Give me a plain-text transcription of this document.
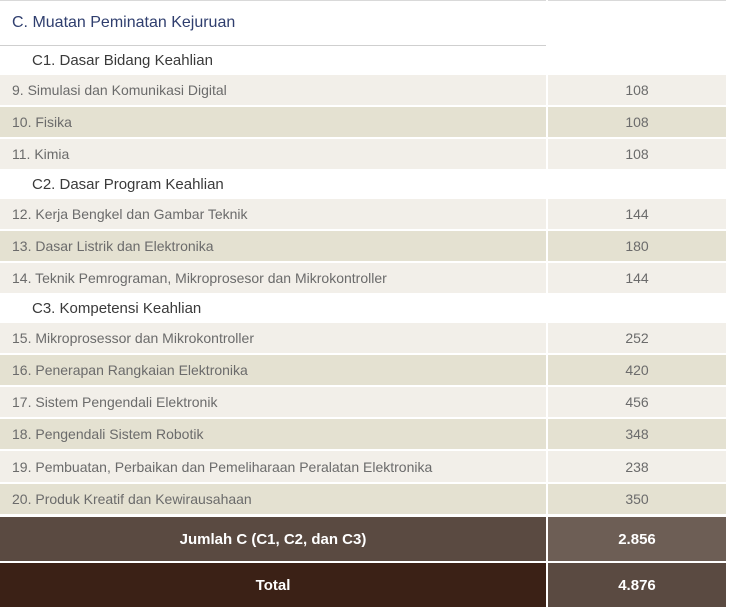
C. Muatan Peminatan Kejuruan
C1. Dasar Bidang Keahlian
9. Simulasi dan Komunikasi Digital	108
10. Fisika	108
11. Kimia	108
C2. Dasar Program Keahlian
12. Kerja Bengkel dan Gambar Teknik	144
13. Dasar Listrik dan Elektronika	180
14. Teknik Pemrograman, Mikroprosesor dan Mikrokontroller	144
C3. Kompetensi Keahlian
15. Mikroprosessor dan Mikrokontroller	252
16. Penerapan Rangkaian Elektronika	420
17. Sistem Pengendali Elektronik	456
18. Pengendali Sistem Robotik	348
19. Pembuatan, Perbaikan dan Pemeliharaan Peralatan Elektronika	238
20. Produk Kreatif dan Kewirausahaan	350
Jumlah C (C1, C2, dan C3)	2.856
Total	4.876
